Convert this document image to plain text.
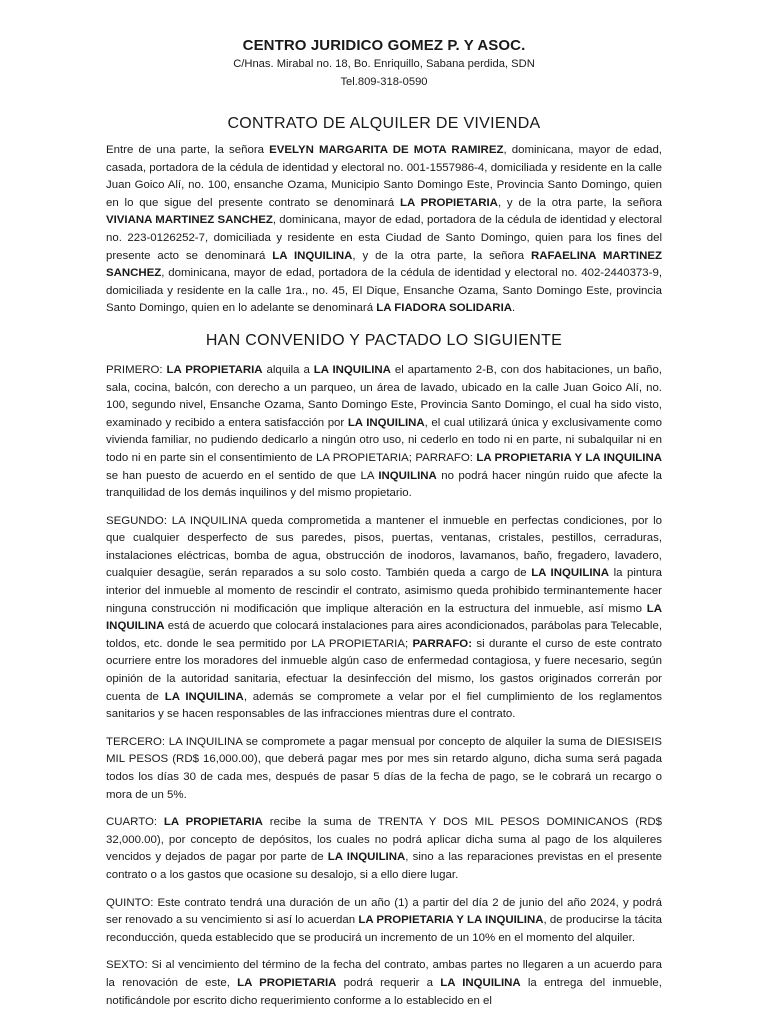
CENTRO JURIDICO GOMEZ P. Y ASOC.
C/Hnas. Mirabal no. 18, Bo. Enriquillo, Sabana perdida, SDN
Tel.809-318-0590
CONTRATO DE ALQUILER DE VIVIENDA

Entre de una parte, la señora EVELYN MARGARITA DE MOTA RAMIREZ, dominicana, mayor de edad, casada, portadora de la cédula de identidad y electoral no. 001-1557986-4, domiciliada y residente en la calle Juan Goico Alí, no. 100, ensanche Ozama, Municipio Santo Domingo Este, Provincia Santo Domingo, quien en lo que sigue del presente contrato se denominará LA PROPIETARIA, y de la otra parte, la señora VIVIANA MARTINEZ SANCHEZ, dominicana, mayor de edad, portadora de la cédula de identidad y electoral no. 223-0126252-7, domiciliada y residente en esta Ciudad de Santo Domingo, quien para los fines del presente acto se denominará LA INQUILINA, y de la otra parte, la señora RAFAELINA MARTINEZ SANCHEZ, dominicana, mayor de edad, portadora de la cédula de identidad y electoral no. 402-2440373-9, domiciliada y residente en la calle 1ra., no. 45, El Dique, Ensanche Ozama, Santo Domingo Este, provincia Santo Domingo, quien en lo adelante se denominará LA FIADORA SOLIDARIA.

HAN CONVENIDO Y PACTADO LO SIGUIENTE

PRIMERO: LA PROPIETARIA alquila a LA INQUILINA el apartamento 2-B, con dos habitaciones, un baño, sala, cocina, balcón, con derecho a un parqueo, un área de lavado, ubicado en la calle Juan Goico Alí, no. 100, segundo nivel, Ensanche Ozama, Santo Domingo Este, Provincia Santo Domingo, el cual ha sido visto, examinado y recibido a entera satisfacción por LA INQUILINA, el cual utilizará única y exclusivamente como vivienda familiar, no pudiendo dedicarlo a ningún otro uso, ni cederlo en todo ni en parte, ni subalquilar ni en todo ni en parte sin el consentimiento de LA PROPIETARIA; PARRAFO: LA PROPIETARIA Y LA INQUILINA se han puesto de acuerdo en el sentido de que LA INQUILINA no podrá hacer ningún ruido que afecte la tranquilidad de los demás inquilinos y del mismo propietario.

SEGUNDO: LA INQUILINA queda comprometida a mantener el inmueble en perfectas condiciones, por lo que cualquier desperfecto de sus paredes, pisos, puertas, ventanas, cristales, pestillos, cerraduras, instalaciones eléctricas, bomba de agua, obstrucción de inodoros, lavamanos, baño, fregadero, lavadero, cualquier desagüe, serán reparados a su solo costo. También queda a cargo de LA INQUILINA la pintura interior del inmueble al momento de rescindir el contrato, asimismo queda prohibido terminantemente hacer ninguna construcción ni modificación que implique alteración en la estructura del inmueble, así mismo LA INQUILINA está de acuerdo que colocará instalaciones para aires acondicionados, parábolas para Telecable, toldos, etc. donde le sea permitido por LA PROPIETARIA; PARRAFO: si durante el curso de este contrato ocurriere entre los moradores del inmueble algún caso de enfermedad contagiosa, y fuere necesario, según opinión de la autoridad sanitaria, efectuar la desinfección del mismo, los gastos originados correrán por cuenta de LA INQUILINA, además se compromete a velar por el fiel cumplimiento de los reglamentos sanitarios y se hacen responsables de las infracciones mientras dure el contrato.

TERCERO: LA INQUILINA se compromete a pagar mensual por concepto de alquiler la suma de DIESISEIS MIL PESOS (RD$ 16,000.00), que deberá pagar mes por mes sin retardo alguno, dicha suma será pagada todos los días 30 de cada mes, después de pasar 5 días de la fecha de pago, se le cobrará un recargo o mora de un 5%.

CUARTO: LA PROPIETARIA recibe la suma de TRENTA Y DOS MIL PESOS DOMINICANOS (RD$ 32,000.00), por concepto de depósitos, los cuales no podrá aplicar dicha suma al pago de los alquileres vencidos y dejados de pagar por parte de LA INQUILINA, sino a las reparaciones previstas en el presente contrato o a los gastos que ocasione su desalojo, si a ello diere lugar.

QUINTO: Este contrato tendrá una duración de un año (1) a partir del día 2 de junio del año 2024, y podrá ser renovado a su vencimiento si así lo acuerdan LA PROPIETARIA Y LA INQUILINA, de producirse la tácita reconducción, queda establecido que se producirá un incremento de un 10% en el momento del alquiler.

SEXTO: Si al vencimiento del término de la fecha del contrato, ambas partes no llegaren a un acuerdo para la renovación de este, LA PROPIETARIA podrá requerir a LA INQUILINA la entrega del inmueble, notificándole por escrito dicho requerimiento conforme a lo establecido en el
